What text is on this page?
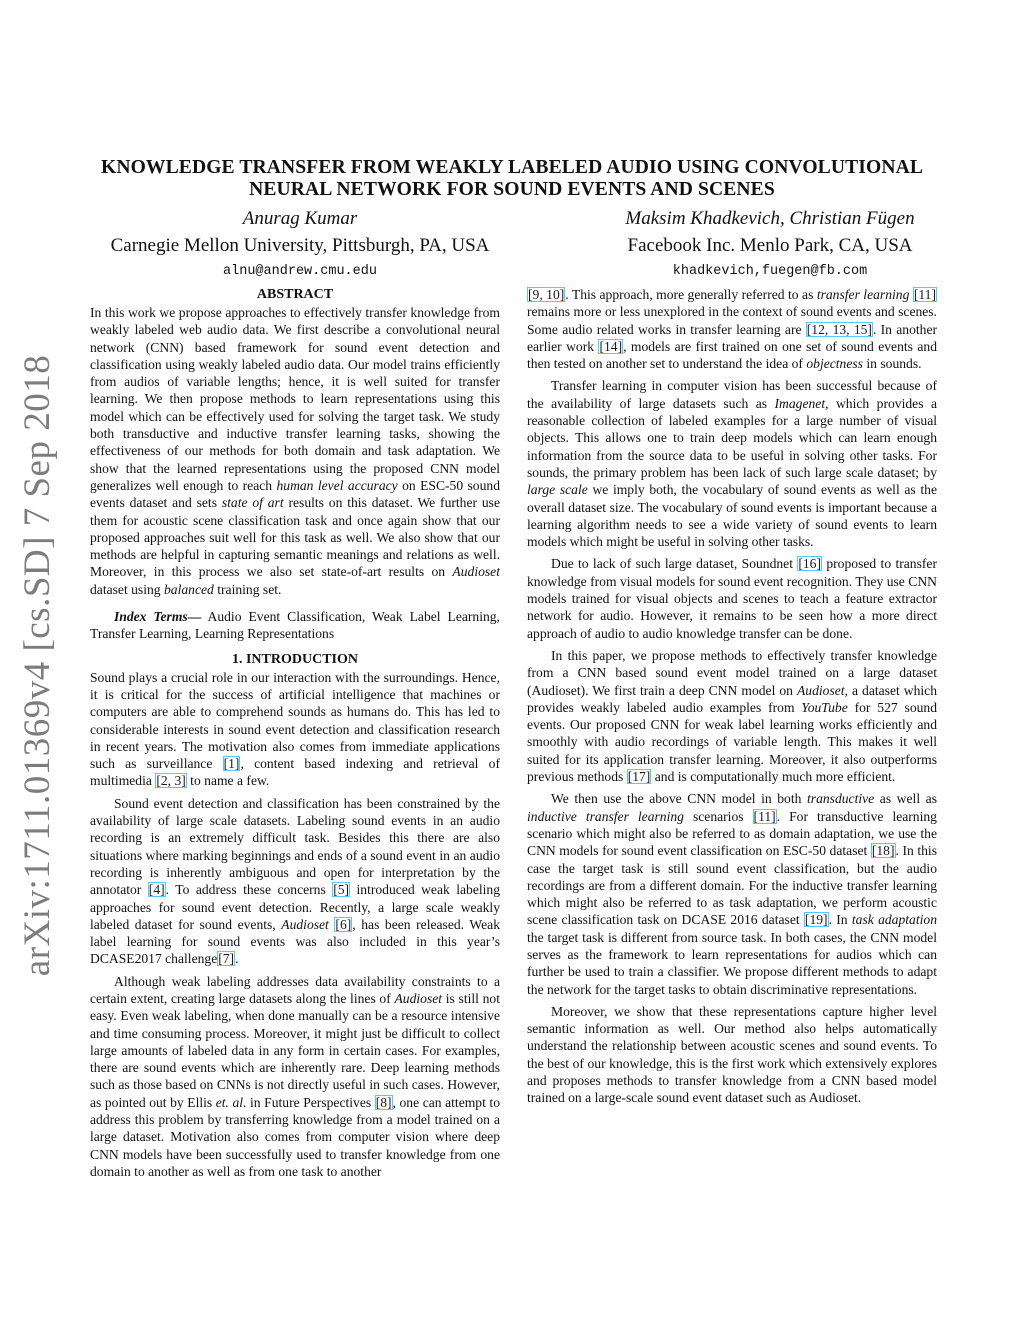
arXiv:1711.01369v4 [cs.SD] 7 Sep 2018
KNOWLEDGE TRANSFER FROM WEAKLY LABELED AUDIO USING CONVOLUTIONAL
NEURAL NETWORK FOR SOUND EVENTS AND SCENES
Anurag Kumar
Carnegie Mellon University, Pittsburgh, PA, USA
alnu@andrew.cmu.edu
Maksim Khadkevich, Christian Fügen
Facebook Inc. Menlo Park, CA, USA
khadkevich,fuegen@fb.com
ABSTRACT

In this work we propose approaches to effectively transfer knowledge from weakly labeled web audio data. We first describe a convolutional neural network (CNN) based framework for sound event detection and classification using weakly labeled audio data. Our model trains efficiently from audios of variable lengths; hence, it is well suited for transfer learning. We then propose methods to learn representations using this model which can be effectively used for solving the target task. We study both transductive and inductive transfer learning tasks, showing the effectiveness of our methods for both domain and task adaptation. We show that the learned representations using the proposed CNN model generalizes well enough to reach human level accuracy on ESC-50 sound events dataset and sets state of art results on this dataset. We further use them for acoustic scene classification task and once again show that our proposed approaches suit well for this task as well. We also show that our methods are helpful in capturing semantic meanings and relations as well. Moreover, in this process we also set state-of-art results on Audioset dataset using balanced training set.

Index Terms— Audio Event Classification, Weak Label Learning, Transfer Learning, Learning Representations

1. INTRODUCTION

Sound plays a crucial role in our interaction with the surroundings. Hence, it is critical for the success of artificial intelligence that machines or computers are able to comprehend sounds as humans do. This has led to considerable interests in sound event detection and classification research in recent years. The motivation also comes from immediate applications such as surveillance [1], content based indexing and retrieval of multimedia [2, 3] to name a few.

Sound event detection and classification has been constrained by the availability of large scale datasets. Labeling sound events in an audio recording is an extremely difficult task. Besides this there are also situations where marking beginnings and ends of a sound event in an audio recording is inherently ambiguous and open for interpretation by the annotator [4]. To address these concerns [5] introduced weak labeling approaches for sound event detection. Recently, a large scale weakly labeled dataset for sound events, Audioset [6], has been released. Weak label learning for sound events was also included in this year’s DCASE2017 challenge[7].

Although weak labeling addresses data availability constraints to a certain extent, creating large datasets along the lines of Audioset is still not easy. Even weak labeling, when done manually can be a resource intensive and time consuming process. Moreover, it might just be difficult to collect large amounts of labeled data in any form in certain cases. For examples, there are sound events which are inherently rare. Deep learning methods such as those based on CNNs is not directly useful in such cases. However, as pointed out by Ellis et. al. in Future Perspectives [8], one can attempt to address this problem by transferring knowledge from a model trained on a large dataset. Motivation also comes from computer vision where deep CNN models have been successfully used to transfer knowledge from one domain to another as well as from one task to another

[9, 10]. This approach, more generally referred to as transfer learning [11] remains more or less unexplored in the context of sound events and scenes. Some audio related works in transfer learning are [12, 13, 15]. In another earlier work [14], models are first trained on one set of sound events and then tested on another set to understand the idea of objectness in sounds.

Transfer learning in computer vision has been successful because of the availability of large datasets such as Imagenet, which provides a reasonable collection of labeled examples for a large number of visual objects. This allows one to train deep models which can learn enough information from the source data to be useful in solving other tasks. For sounds, the primary problem has been lack of such large scale dataset; by large scale we imply both, the vocabulary of sound events as well as the overall dataset size. The vocabulary of sound events is important because a learning algorithm needs to see a wide variety of sound events to learn models which might be useful in solving other tasks.

Due to lack of such large dataset, Soundnet [16] proposed to transfer knowledge from visual models for sound event recognition. They use CNN models trained for visual objects and scenes to teach a feature extractor network for audio. However, it remains to be seen how a more direct approach of audio to audio knowledge transfer can be done.

In this paper, we propose methods to effectively transfer knowledge from a CNN based sound event model trained on a large dataset (Audioset). We first train a deep CNN model on Audioset, a dataset which provides weakly labeled audio examples from YouTube for 527 sound events. Our proposed CNN for weak label learning works efficiently and smoothly with audio recordings of variable length. This makes it well suited for its application transfer learning. Moreover, it also outperforms previous methods [17] and is computationally much more efficient.

We then use the above CNN model in both transductive as well as inductive transfer learning scenarios [11]. For transductive learning scenario which might also be referred to as domain adaptation, we use the CNN models for sound event classification on ESC-50 dataset [18]. In this case the target task is still sound event classification, but the audio recordings are from a different domain. For the inductive transfer learning which might also be referred to as task adaptation, we perform acoustic scene classification task on DCASE 2016 dataset [19]. In task adaptation the target task is different from source task. In both cases, the CNN model serves as the framework to learn representations for audios which can further be used to train a classifier. We propose different methods to adapt the network for the target tasks to obtain discriminative representations.

Moreover, we show that these representations capture higher level semantic information as well. Our method also helps automatically understand the relationship between acoustic scenes and sound events. To the best of our knowledge, this is the first work which extensively explores and proposes methods to transfer knowledge from a CNN based model trained on a large-scale sound event dataset such as Audioset.
